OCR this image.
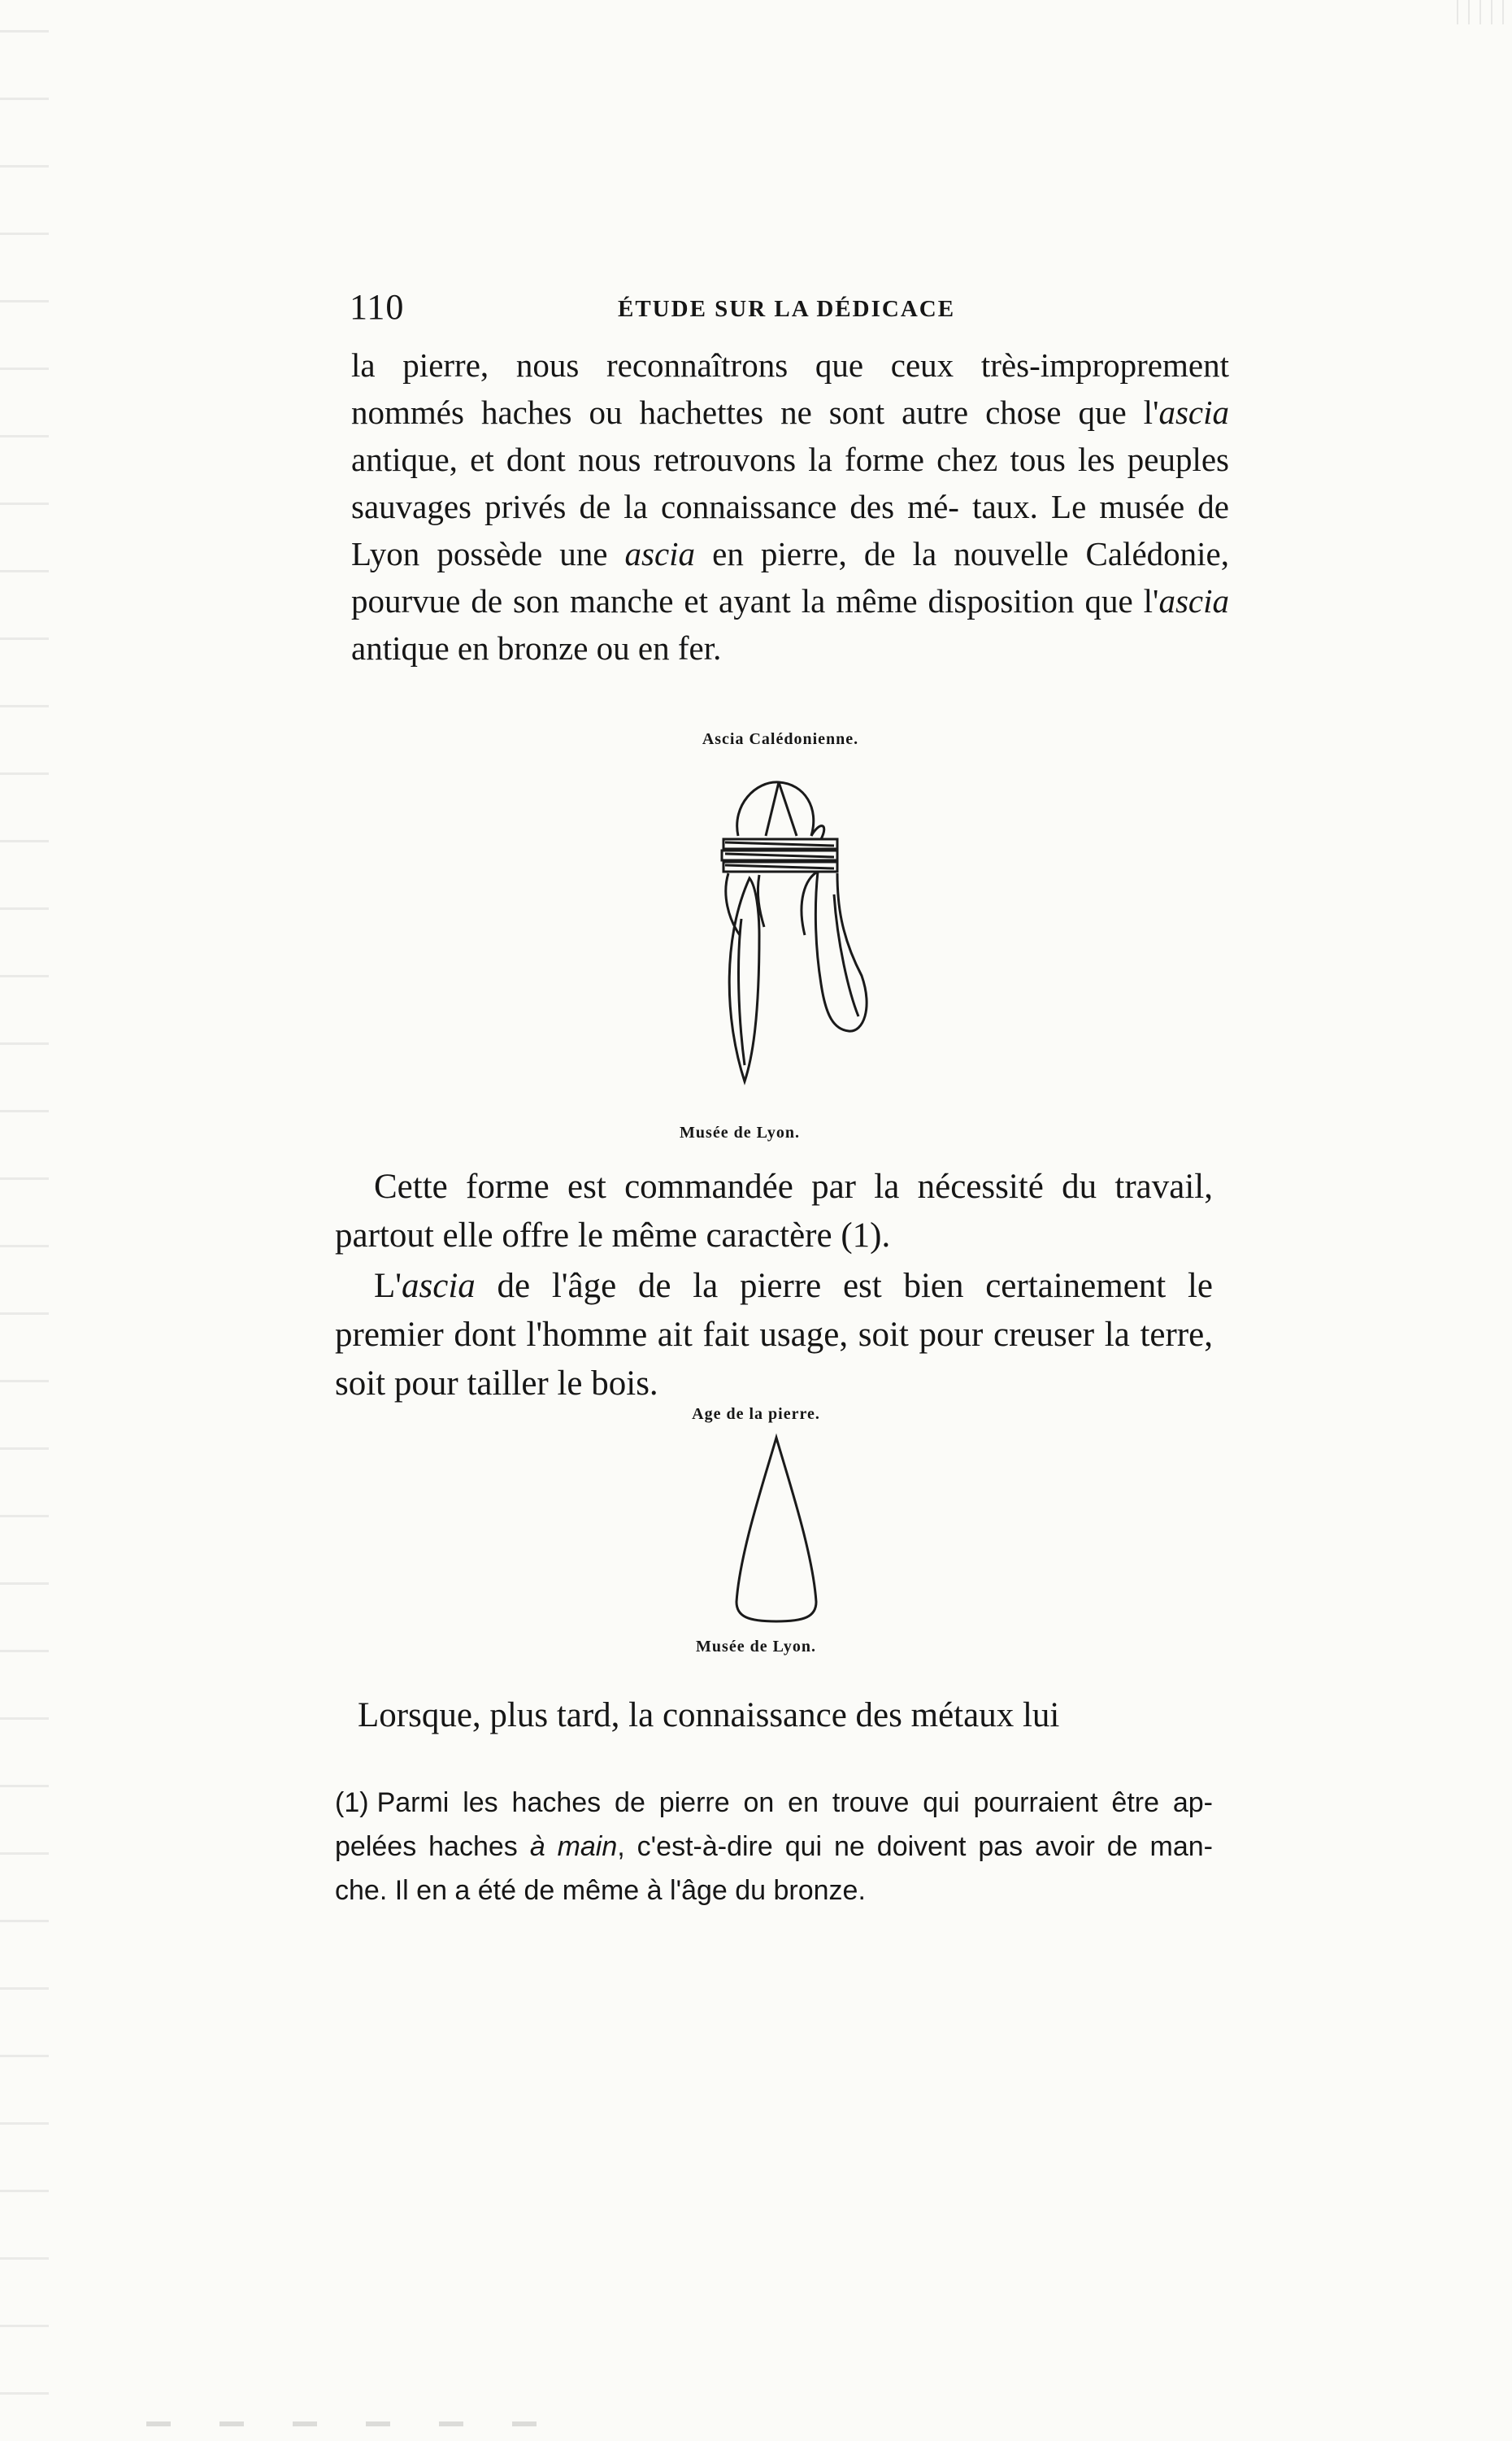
110	ÉTUDE SUR LA DÉDICACE

la pierre, nous reconnaîtrons que ceux très-improprement nommés haches ou hachettes ne sont autre chose que l'ascia antique, et dont nous retrouvons la forme chez tous les peuples sauvages privés de la connaissance des mé- taux. Le musée de Lyon possède une ascia en pierre, de la nouvelle Calédonie, pourvue de son manche et ayant la même disposition que l'ascia antique en bronze ou en fer.

Ascia Calédonienne.
Musée de Lyon.

Cette forme est commandée par la nécessité du travail, partout elle offre le même caractère (1).

L'ascia de l'âge de la pierre est bien certainement le premier dont l'homme ait fait usage, soit pour creuser la terre, soit pour tailler le bois.

Age de la pierre.
Musée de Lyon.

Lorsque, plus tard, la connaissance des métaux lui

(1) Parmi les haches de pierre on en trouve qui pourraient être ap- pelées haches à main, c'est-à-dire qui ne doivent pas avoir de man- che. Il en a été de même à l'âge du bronze.
